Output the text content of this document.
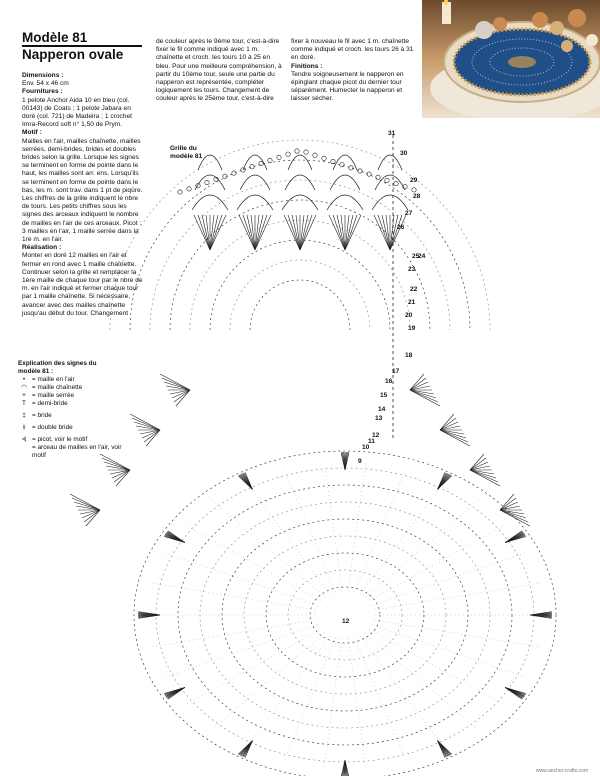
Modèle 81
Napperon ovale

Dimensions :

Env. 54 x 46 cm

Fournitures :

1 pelote Anchor Aida 10 en bleu (col. 00143) de Coats ; 1 pelote Jabara en doré (col. 721) de Madeira ; 1 crochet Imra-Record soft n° 1,50 de Prym.

Motif :

Mailles en l'air, mailles chaînette, mailles serrées, demi-brides, brides et doubles brides selon la grille. Lorsque les signes se terminent en forme de pointe dans le haut, les mailles sont arr. ens. Lorsqu'ils se terminent en forme de pointe dans le bas, les m. sont trav. dans 1 pt de piqûre. Les chiffres de la grille indiquent le nbre de tours. Les petits chiffres sous les signes des arceaux indiquent le nombre de mailles en l'air de ces arceaux. Picot : 3 mailles en l'air, 1 maille serrée dans la 1re m. en l'air.

Réalisation :

Monter en doré 12 mailles en l'air et fermer en rond avec 1 maille chaînette. Continuer selon la grille et remplacer la 1ère maille de chaque tour par le nbre de m. en l'air indiqué et fermer chaque tour par 1 maille chaînette. Si nécessaire, avancer avec des mailles chaînette jusqu'au début du tour. Changement

de couleur après le 9ème tour, c'est-à-dire fixer le fil comme indiqué avec 1 m. chaînette et croch. les tours 10 à 25 en bleu. Pour une meilleure compréhension, à partir du 10ème tour, seule une partie du napperon est représentée, compléter logiquement les tours. Changement de couleur après le 25ème tour, c'est-à-dire

fixer à nouveau le fil avec 1 m. chaînette comme indiqué et croch. les tours 26 à 31 en doré.

Finitions :

Tendre soigneusement le napperon en épinglant chaque picot du dernier tour séparément. Humecter le napperon et laisser sécher.

Grille du modèle 81
Explication des signes du modèle 81 :
•	= maille en l'air
◠ = maille chaînette
+ = maille serrée
T = demi-bride
‡ = bride
⫳	= double bride
⊰ = picot, voir le motif
= arceau de mailles en l'air, voir motif
31
30
29
28
27
26
25
24
23
22
21
20
19
18
17
16
15
14
13
12
11
10
9
12
www.anchor-crafts.com
